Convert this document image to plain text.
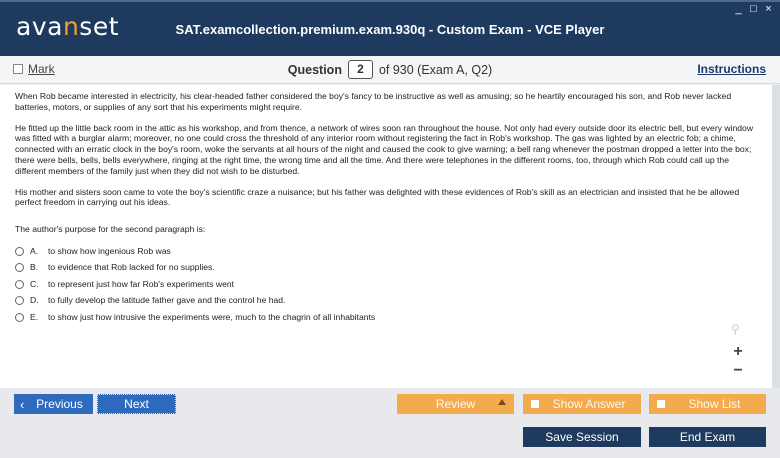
avanset	SAT.examcollection.premium.exam.930q - Custom Exam - VCE Player
_ □ ×
Mark	Question	2	of 930 (Exam A, Q2)	Instructions

When Rob became interested in electricity, his clear-headed father considered the boy's fancy to be instructive as well as amusing; so he heartily encouraged his son, and Rob never lacked batteries, motors, or supplies of any sort that his experiments might require.

He fitted up the little back room in the attic as his workshop, and from thence, a network of wires soon ran throughout the house. Not only had every outside door its electric bell, but every window was fitted with a burglar alarm; moreover, no one could cross the threshold of any interior room without registering the fact in Rob's workshop. The gas was lighted by an electric fob; a chime, connected with an erratic clock in the boy's room, woke the servants at all hours of the night and caused the cook to give warning; a bell rang whenever the postman dropped a letter into the box; there were bells, bells, bells everywhere, ringing at the right time, the wrong time and all the time. And there were telephones in the different rooms, too, through which Rob could call up the different members of the family just when they did not wish to be disturbed.

His mother and sisters soon came to vote the boy's scientific craze a nuisance; but his father was delighted with these evidences of Rob's skill as an electrician and insisted that he be allowed perfect freedom in carrying out his ideas.

The author's purpose for the second paragraph is:
A.	to show how ingenious Rob was
B.	to evidence that Rob lacked for no supplies.
C.	to represent just how far Rob's experiments went
D.	to fully develop the latitude father gave and the control he had.
E.	to show just how intrusive the experiments were, much to the chagrin of all inhabitants
⚲
+
−
‹ Previous	Next	Review	Show Answer	Show List
Save Session	End Exam
